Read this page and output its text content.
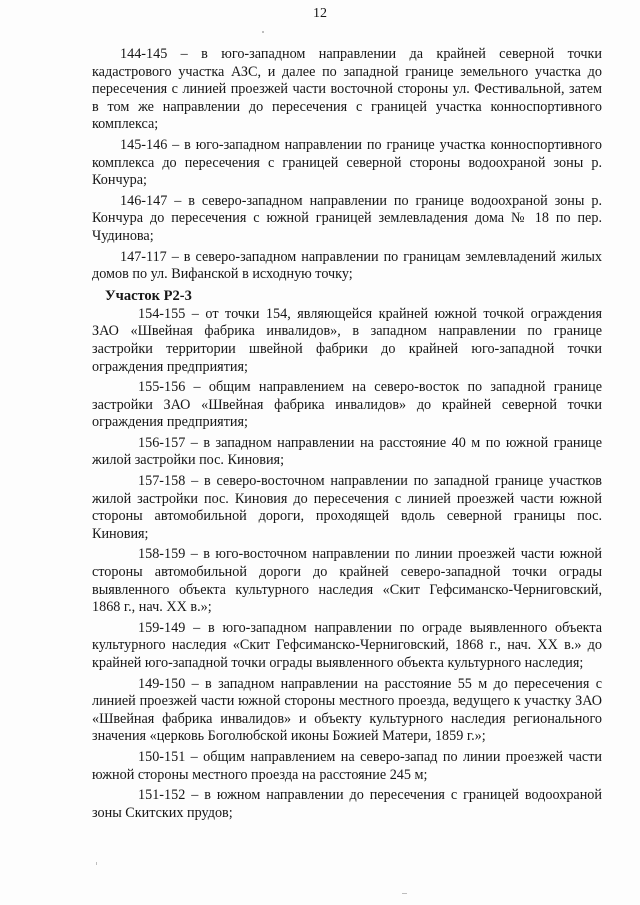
12

144-145 – в юго-западном направлении да крайней северной точки кадастрового участка АЗС, и далее по западной границе земельного участка до пересечения с линией проезжей части восточной стороны ул. Фестивальной, затем в том же направлении до пересечения с границей участка конноспортивного комплекса;

145-146 – в юго-западном направлении по границе участка конноспортивного комплекса до пересечения с границей северной стороны водоохраной зоны р. Кончура;

146-147 – в северо-западном направлении по границе водоохраной зоны р. Кончура до пересечения с южной границей землевладения дома № 18 по пер. Чудинова;

147-117 – в северо-западном направлении по границам землевладений жилых домов по ул. Вифанской в исходную точку;

Участок Р2-3

154-155 – от точки 154, являющейся крайней южной точкой ограждения ЗАО «Швейная фабрика инвалидов», в западном направлении по границе застройки территории швейной фабрики до крайней юго-западной точки ограждения предприятия;

155-156 – общим направлением на северо-восток по западной границе застройки ЗАО «Швейная фабрика инвалидов» до крайней северной точки ограждения предприятия;

156-157 – в западном направлении на расстояние 40 м по южной границе жилой застройки пос. Киновия;

157-158 – в северо-восточном направлении по западной границе участков жилой застройки пос. Киновия до пересечения с линией проезжей части южной стороны автомобильной дороги, проходящей вдоль северной границы пос. Киновия;

158-159 – в юго-восточном направлении по линии проезжей части южной стороны автомобильной дороги до крайней северо-западной точки ограды выявленного объекта культурного наследия «Скит Гефсиманско-Черниговский, 1868 г., нач. XX в.»;

159-149 – в юго-западном направлении по ограде выявленного объекта культурного наследия «Скит Гефсиманско-Черниговский, 1868 г., нач. XX в.» до крайней юго-западной точки ограды выявленного объекта культурного наследия;

149-150 – в западном направлении на расстояние 55 м до пересечения с линией проезжей части южной стороны местного проезда, ведущего к участку ЗАО «Швейная фабрика инвалидов» и объекту культурного наследия регионального значения «церковь Боголюбской иконы Божией Матери, 1859 г.»;

150-151 – общим направлением на северо-запад по линии проезжей части южной стороны местного проезда на расстояние 245 м;

151-152 – в южном направлении до пересечения с границей водоохраной зоны Скитских прудов;
